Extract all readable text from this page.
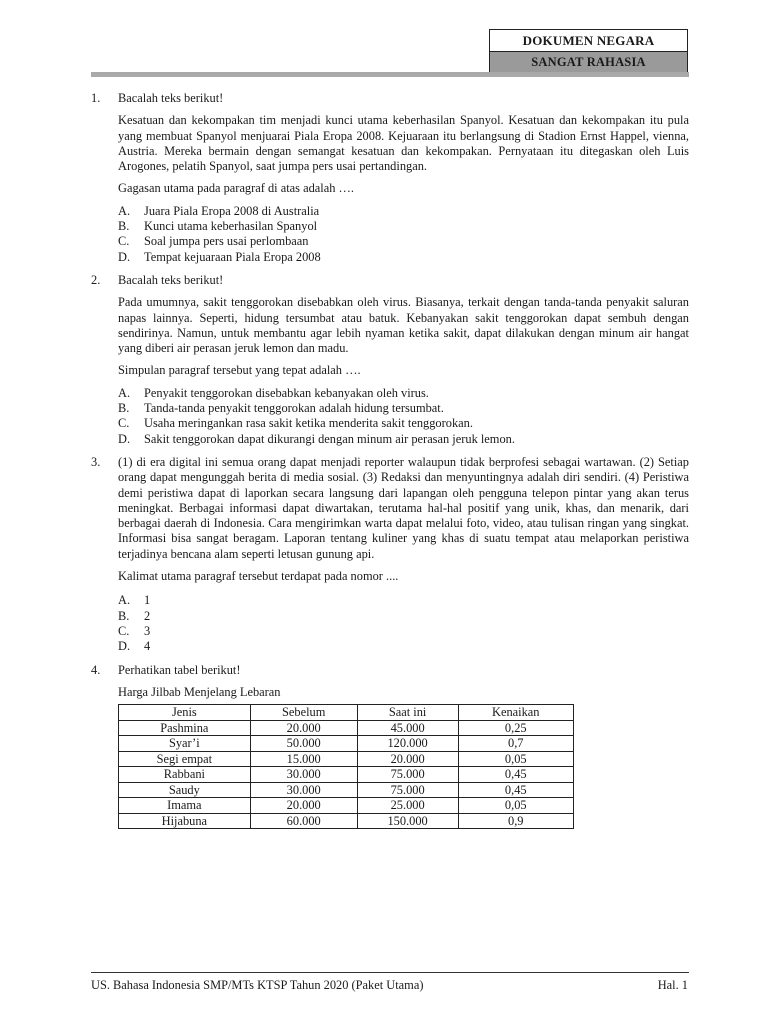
DOKUMEN NEGARA
SANGAT RAHASIA
1. Bacalah teks berikut!
Kesatuan dan kekompakan tim menjadi kunci utama keberhasilan Spanyol. Kesatuan dan kekompakan itu pula yang membuat Spanyol menjuarai Piala Eropa 2008. Kejuaraan itu berlangsung di Stadion Ernst Happel, vienna, Austria. Mereka bermain dengan semangat kesatuan dan kekompakan. Pernyataan itu ditegaskan oleh Luis Arogones, pelatih Spanyol, saat jumpa pers usai pertandingan.
Gagasan utama pada paragraf di atas adalah ….
A. Juara Piala Eropa 2008 di Australia
B. Kunci utama keberhasilan Spanyol
C. Soal jumpa pers usai perlombaan
D. Tempat kejuaraan Piala Eropa 2008
2. Bacalah teks berikut!
Pada umumnya, sakit tenggorokan disebabkan oleh virus. Biasanya, terkait dengan tanda-tanda penyakit saluran napas lainnya. Seperti, hidung tersumbat atau batuk. Kebanyakan sakit tenggorokan dapat sembuh dengan sendirinya. Namun, untuk membantu agar lebih nyaman ketika sakit, dapat dilakukan dengan minum air hangat yang diberi air perasan jeruk lemon dan madu.
Simpulan paragraf tersebut yang tepat adalah ….
A. Penyakit tenggorokan disebabkan kebanyakan oleh virus.
B. Tanda-tanda penyakit tenggorokan adalah hidung tersumbat.
C. Usaha meringankan rasa sakit ketika menderita sakit tenggorokan.
D. Sakit tenggorokan dapat dikurangi dengan minum air perasan jeruk lemon.
3. (1) di era digital ini semua orang dapat menjadi reporter walaupun tidak berprofesi sebagai wartawan. (2) Setiap orang dapat mengunggah berita di media sosial. (3) Redaksi dan menyuntingnya adalah diri sendiri. (4) Peristiwa demi peristiwa dapat di laporkan secara langsung dari lapangan oleh pengguna telepon pintar yang akan terus meningkat. Berbagai informasi dapat diwartakan, terutama hal-hal positif yang unik, khas, dan menarik, dari berbagai daerah di Indonesia. Cara mengirimkan warta dapat melalui foto, video, atau tulisan ringan yang singkat. Informasi bisa sangat beragam. Laporan tentang kuliner yang khas di suatu tempat atau melaporkan peristiwa terjadinya bencana alam seperti letusan gunung api.
Kalimat utama paragraf tersebut terdapat pada nomor ....
A. 1
B. 2
C. 3
D. 4
4. Perhatikan tabel berikut!
Harga Jilbab Menjelang Lebaran
Jenis	Sebelum	Saat ini	Kenaikan
Pashmina	20.000	45.000	0,25
Syar’i	50.000	120.000	0,7
Segi empat	15.000	20.000	0,05
Rabbani	30.000	75.000	0,45
Saudy	30.000	75.000	0,45
Imama	20.000	25.000	0,05
Hijabuna	60.000	150.000	0,9
US. Bahasa Indonesia SMP/MTs KTSP Tahun 2020 (Paket Utama)	Hal. 1
